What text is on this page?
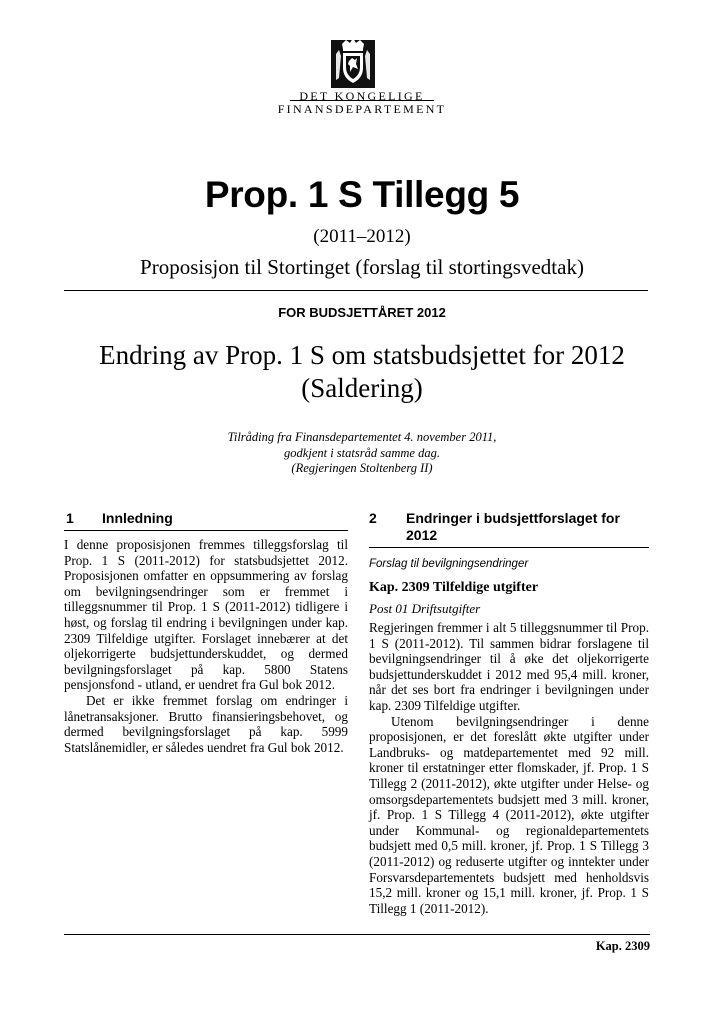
DET KONGELIGE
FINANSDEPARTEMENT
Prop. 1 S Tillegg 5
(2011–2012)
Proposisjon til Stortinget (forslag til stortingsvedtak)
FOR BUDSJETTÅRET 2012
Endring av Prop. 1 S om statsbudsjettet for 2012
(Saldering)
Tilråding fra Finansdepartementet 4. november 2011,
godkjent i statsråd samme dag.
(Regjeringen Stoltenberg II)
1 Innledning

I denne proposisjonen fremmes tilleggsforslag til Prop. 1 S (2011-2012) for statsbudsjettet 2012. Proposisjonen omfatter en oppsummering av forslag om bevilgningsendringer som er fremmet i tilleggsnummer til Prop. 1 S (2011-2012) tidligere i høst, og forslag til endring i bevilgningen under kap. 2309 Tilfeldige utgifter. Forslaget innebærer at det oljekorrigerte budsjettunderskuddet, og dermed bevilgningsforslaget på kap. 5800 Statens pensjonsfond - utland, er uendret fra Gul bok 2012.

Det er ikke fremmet forslag om endringer i lånetransaksjoner. Brutto finansieringsbehovet, og dermed bevilgningsforslaget på kap. 5999 Statslånemidler, er således uendret fra Gul bok 2012.

2 Endringer i budsjettforslaget for 2012
Forslag til bevilgningsendringer
Kap. 2309 Tilfeldige utgifter
Post 01 Driftsutgifter

Regjeringen fremmer i alt 5 tilleggsnummer til Prop. 1 S (2011-2012). Til sammen bidrar forslagene til bevilgningsendringer til å øke det oljekorrigerte budsjettunderskuddet i 2012 med 95,4 mill. kroner, når det ses bort fra endringer i bevilgningen under kap. 2309 Tilfeldige utgifter.

Utenom bevilgningsendringer i denne proposisjonen, er det foreslått økte utgifter under Landbruks- og matdepartementet med 92 mill. kroner til erstatninger etter flomskader, jf. Prop. 1 S Tillegg 2 (2011-2012), økte utgifter under Helse- og omsorgsdepartementets budsjett med 3 mill. kroner, jf. Prop. 1 S Tillegg 4 (2011-2012), økte utgifter under Kommunal- og regionaldepartementets budsjett med 0,5 mill. kroner, jf. Prop. 1 S Tillegg 3 (2011-2012) og reduserte utgifter og inntekter under Forsvarsdepartementets budsjett med henholdsvis 15,2 mill. kroner og 15,1 mill. kroner, jf. Prop. 1 S Tillegg 1 (2011-2012).

Kap. 2309
